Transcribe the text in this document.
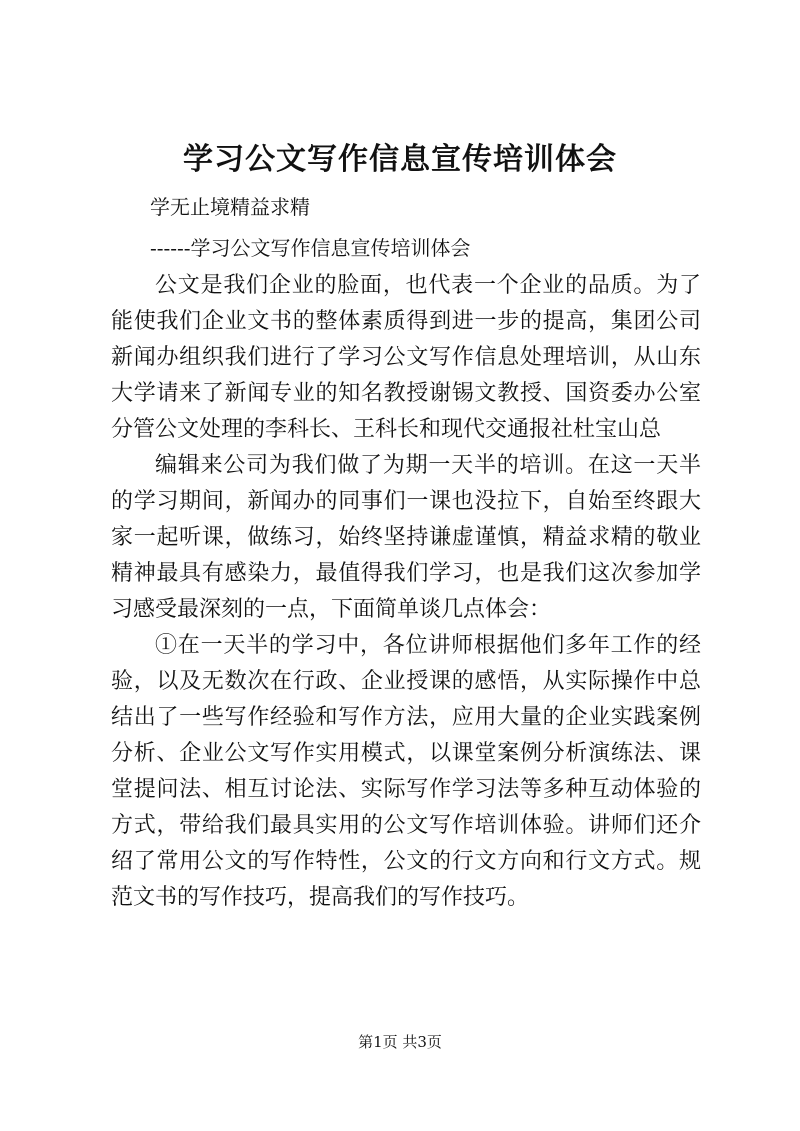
学习公文写作信息宣传培训体会
学无止境精益求精
------学习公文写作信息宣传培训体会

公文是我们企业的脸面，也代表一个企业的品质。为了能使我们企业文书的整体素质得到进一步的提高，集团公司新闻办组织我们进行了学习公文写作信息处理培训，从山东大学请来了新闻专业的知名教授谢锡文教授、国资委办公室分管公文处理的李科长、王科长和现代交通报社杜宝山总

编辑来公司为我们做了为期一天半的培训。在这一天半的学习期间，新闻办的同事们一课也没拉下，自始至终跟大家一起听课，做练习，始终坚持谦虚谨慎，精益求精的敬业精神最具有感染力，最值得我们学习，也是我们这次参加学习感受最深刻的一点，下面简单谈几点体会：

①在一天半的学习中，各位讲师根据他们多年工作的经验，以及无数次在行政、企业授课的感悟，从实际操作中总结出了一些写作经验和写作方法，应用大量的企业实践案例分析、企业公文写作实用模式，以课堂案例分析演练法、课堂提问法、相互讨论法、实际写作学习法等多种互动体验的方式，带给我们最具实用的公文写作培训体验。讲师们还介绍了常用公文的写作特性，公文的行文方向和行文方式。规范文书的写作技巧，提高我们的写作技巧。

第1页 共3页
